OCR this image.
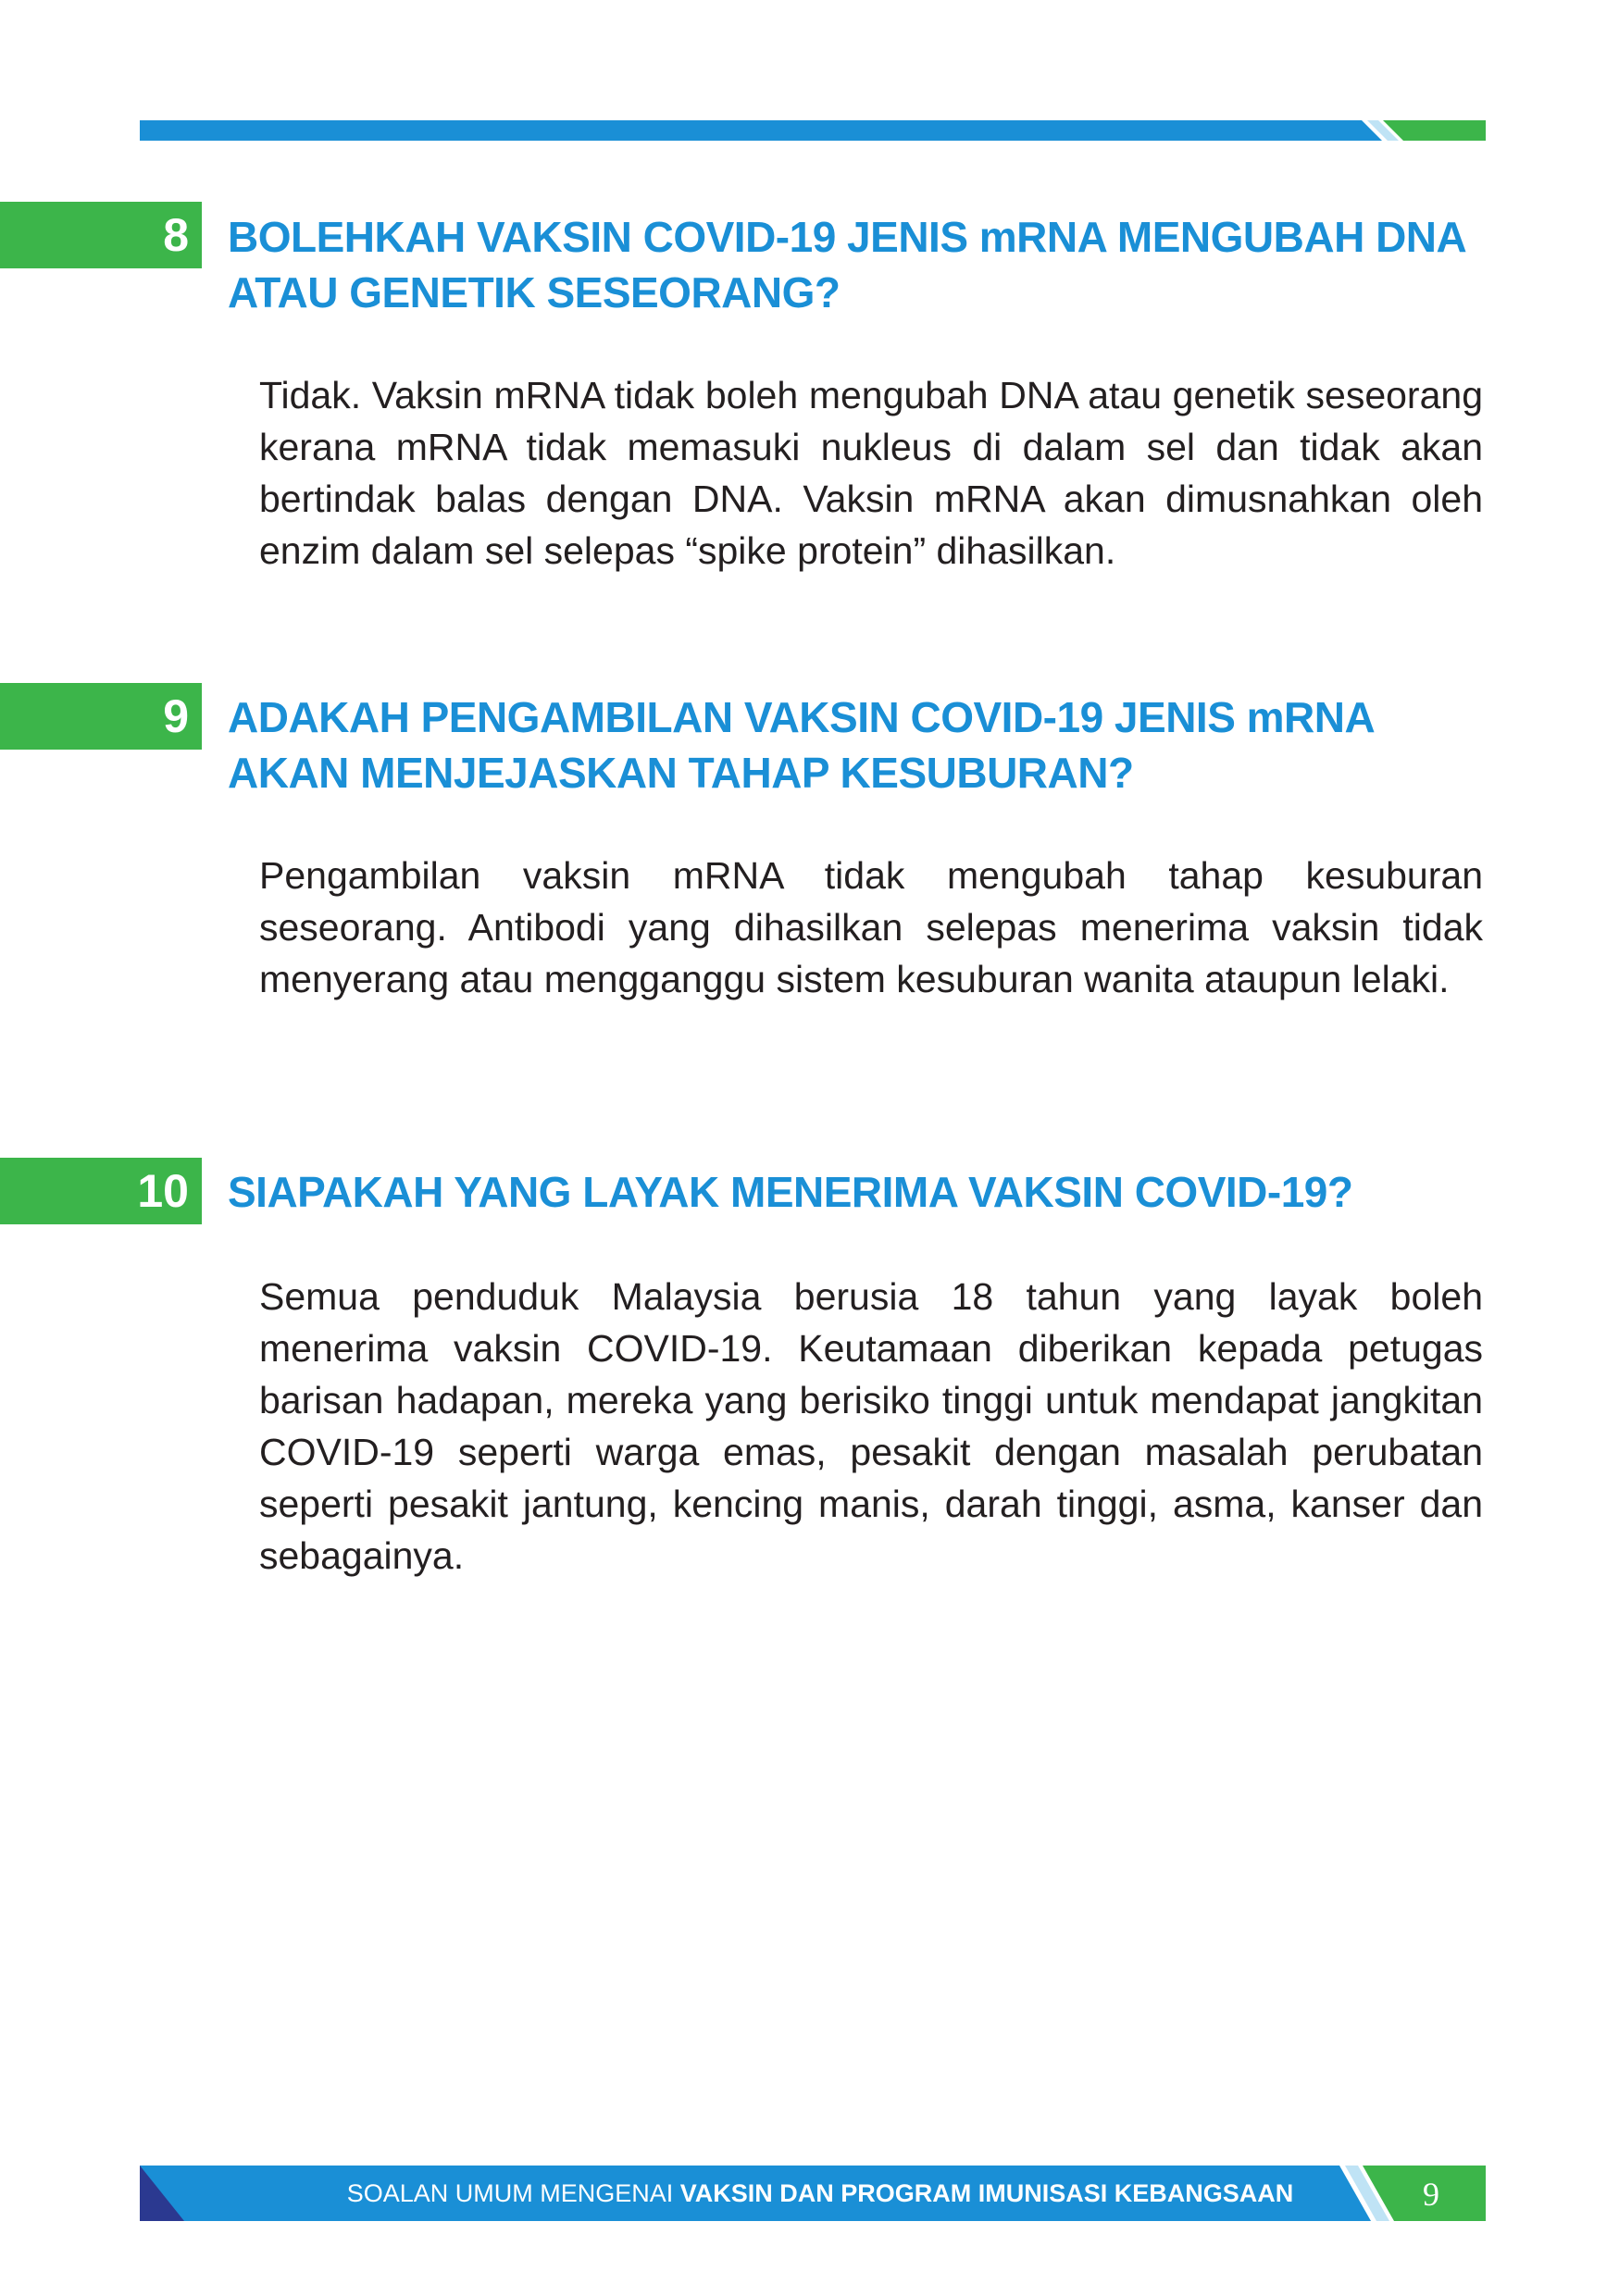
8 BOLEHKAH VAKSIN COVID-19 JENIS mRNA MENGUBAH DNA
ATAU GENETIK SESEORANG?

Tidak. Vaksin mRNA tidak boleh mengubah DNA atau genetik seseorang kerana mRNA tidak memasuki nukleus di dalam sel dan tidak akan bertindak balas dengan DNA. Vaksin mRNA akan dimusnahkan oleh enzim dalam sel selepas “spike protein” dihasilkan.

9 ADAKAH PENGAMBILAN VAKSIN COVID-19 JENIS mRNA
AKAN MENJEJASKAN TAHAP KESUBURAN?

Pengambilan vaksin mRNA tidak mengubah tahap kesuburan seseorang. Antibodi yang dihasilkan selepas menerima vaksin tidak menyerang atau mengganggu sistem kesuburan wanita ataupun lelaki.

10 SIAPAKAH YANG LAYAK MENERIMA VAKSIN COVID-19?

Semua penduduk Malaysia berusia 18 tahun yang layak boleh menerima vaksin COVID-19. Keutamaan diberikan kepada petugas barisan hadapan, mereka yang berisiko tinggi untuk mendapat jangkitan COVID-19 seperti warga emas, pesakit dengan masalah perubatan seperti pesakit jantung, kencing manis, darah tinggi, asma, kanser dan sebagainya.

SOALAN UMUM MENGENAI VAKSIN DAN PROGRAM IMUNISASI KEBANGSAAN	9
